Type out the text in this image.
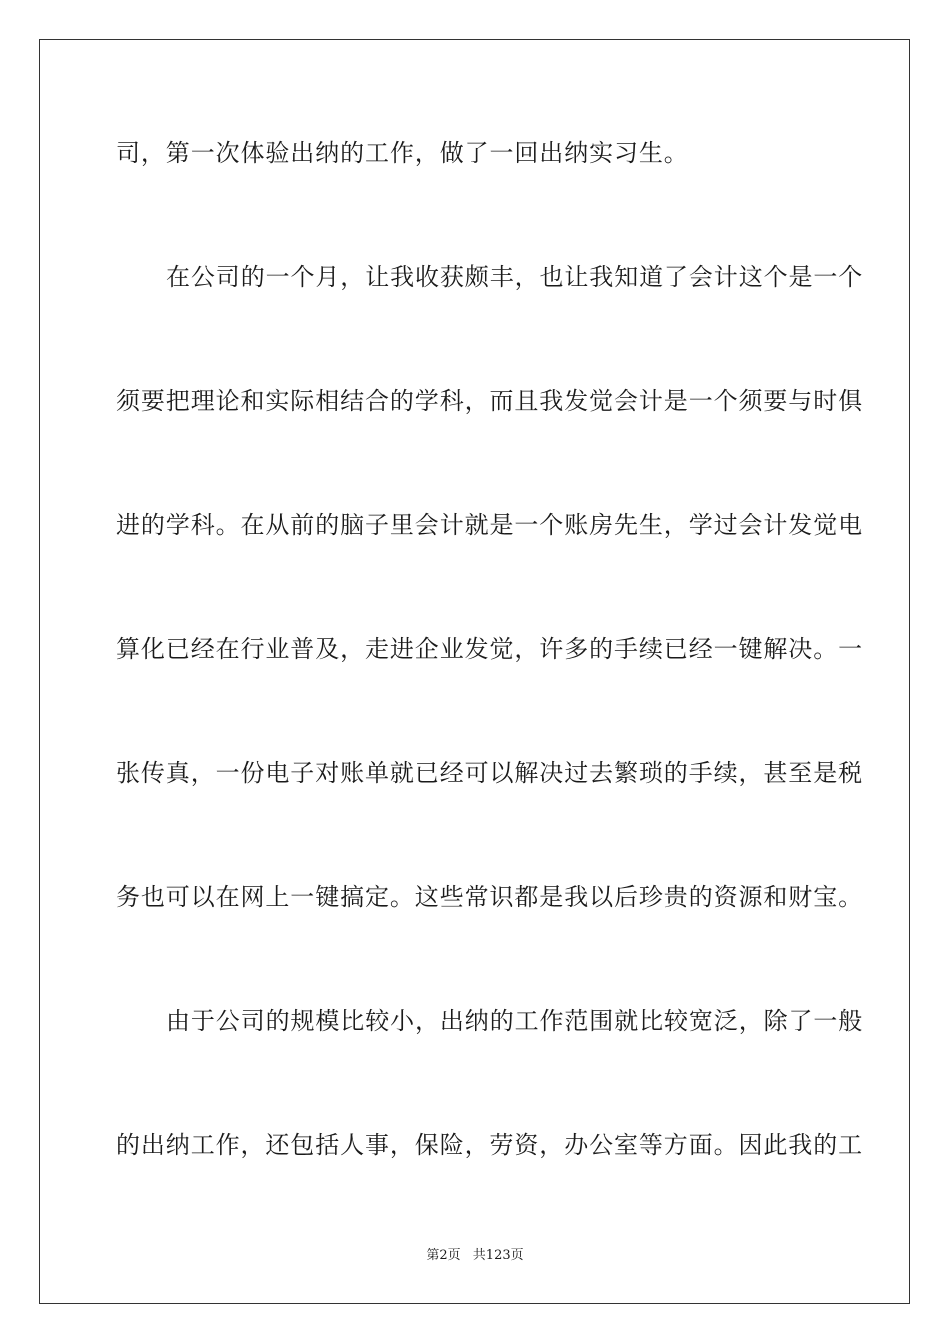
司，第一次体验出纳的工作，做了一回出纳实习生。
在公司的一个月，让我收获颇丰，也让我知道了会计这个是一个
须要把理论和实际相结合的学科，而且我发觉会计是一个须要与时俱
进的学科。在从前的脑子里会计就是一个账房先生，学过会计发觉电
算化已经在行业普及，走进企业发觉，许多的手续已经一键解决。一
张传真，一份电子对账单就已经可以解决过去繁琐的手续，甚至是税
务也可以在网上一键搞定。这些常识都是我以后珍贵的资源和财宝。
由于公司的规模比较小，出纳的工作范围就比较宽泛，除了一般
的出纳工作，还包括人事，保险，劳资，办公室等方面。因此我的工
第2页 共123页
